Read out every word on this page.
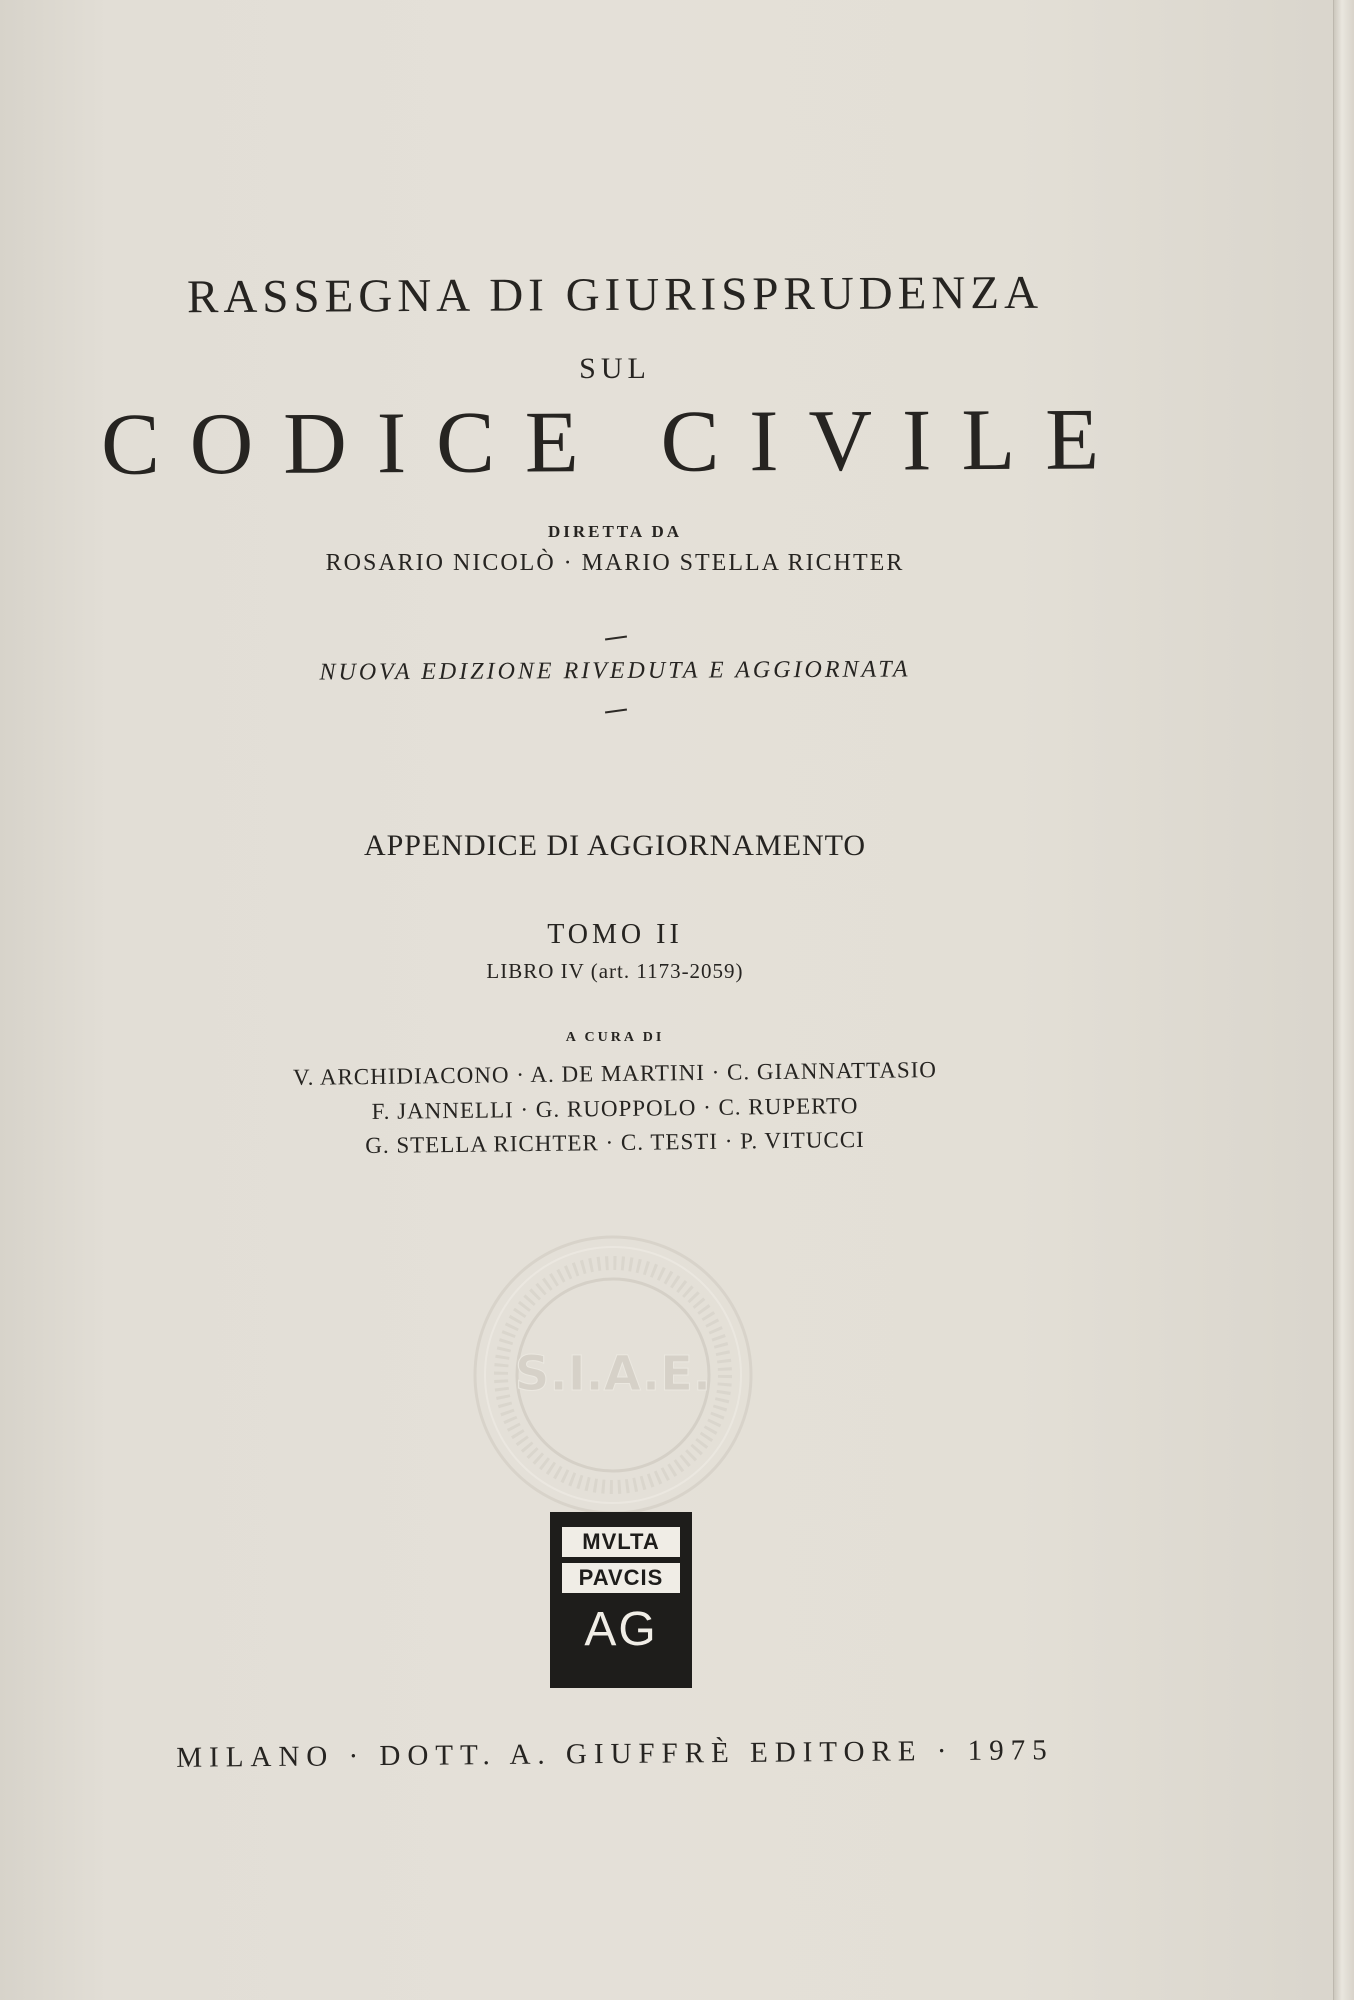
RASSEGNA DI GIURISPRUDENZA
SUL
CODICE CIVILE
DIRETTA DA
ROSARIO NICOLÒ · MARIO STELLA RICHTER
NUOVA EDIZIONE RIVEDUTA E AGGIORNATA
APPENDICE DI AGGIORNAMENTO
TOMO II
LIBRO IV (art. 1173-2059)
A CURA DI
V. ARCHIDIACONO · A. DE MARTINI · C. GIANNATTASIO
F. JANNELLI · G. RUOPPOLO · C. RUPERTO
G. STELLA RICHTER · C. TESTI · P. VITUCCI
S.I.A.E.
MVLTA
PAVCIS
AG
MILANO · DOTT. A. GIUFFRÈ EDITORE · 1975
